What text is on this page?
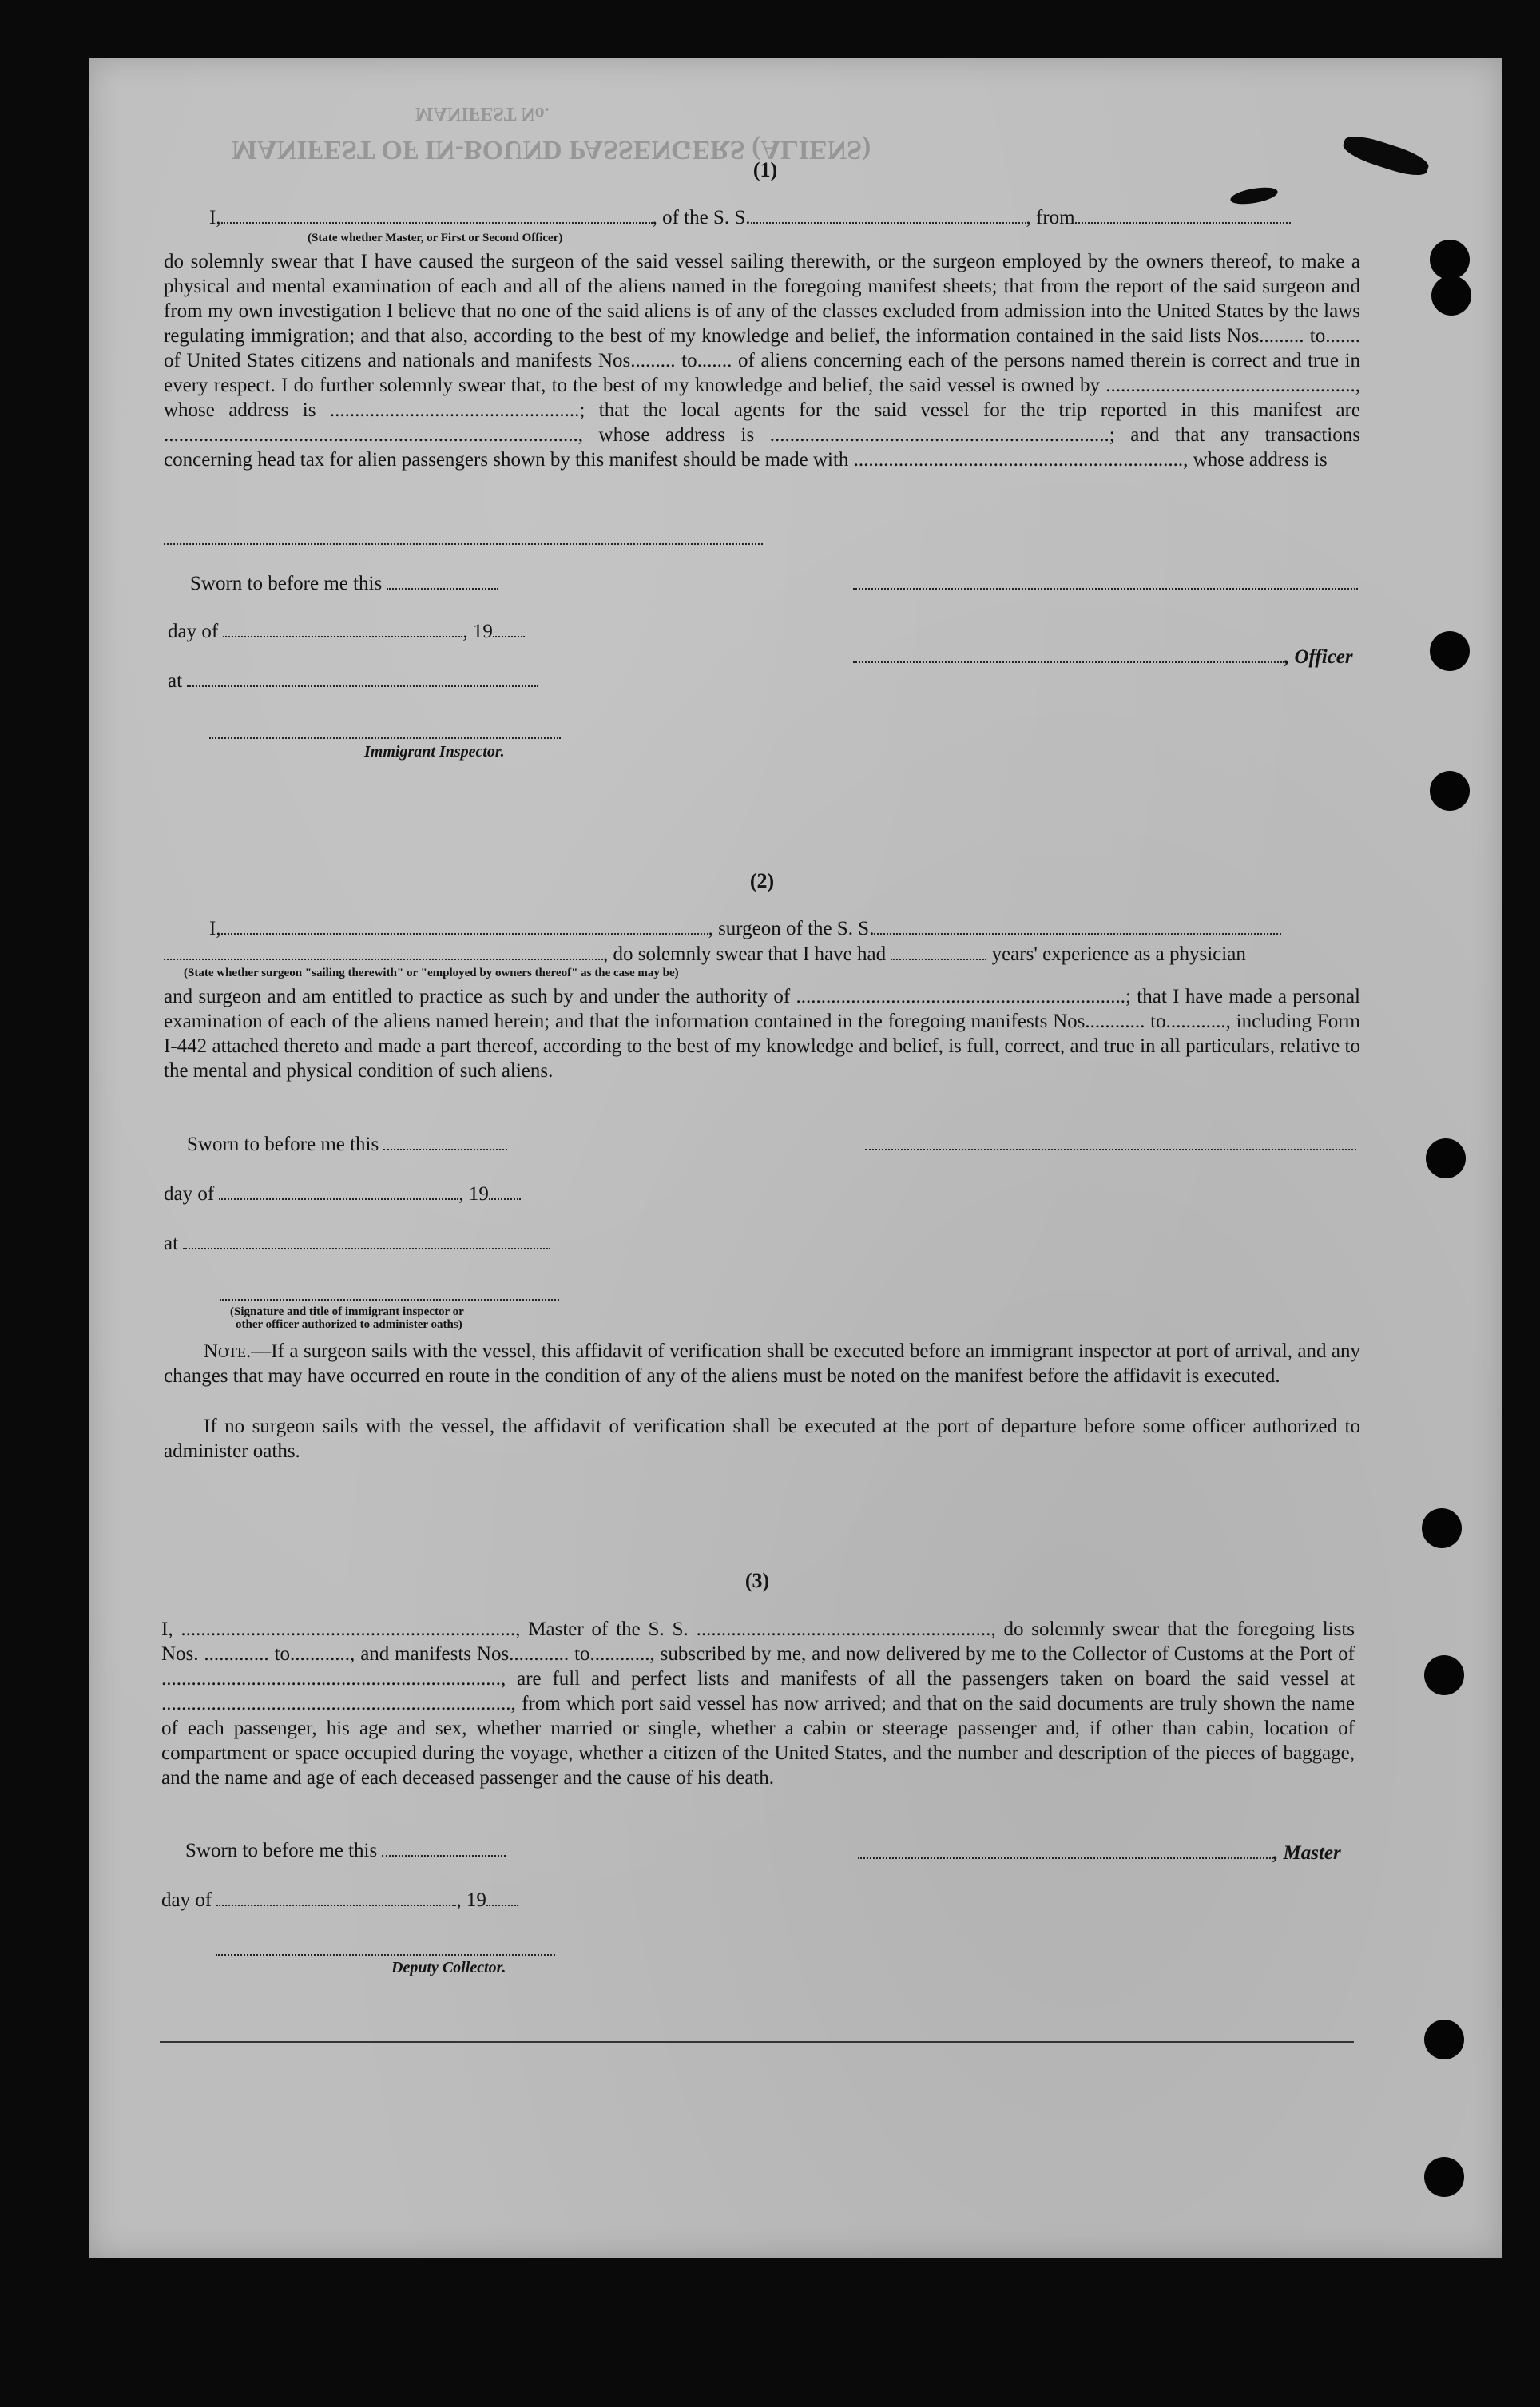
MANIFEST OF IN-BOUND PASSENGERS (ALIENS)
MANIFEST No.
(1)
I,	, of the S. S.	, from
(State whether Master, or First or Second Officer)
do solemnly swear that I have caused the surgeon of the said vessel sailing therewith, or the surgeon employed by the owners thereof, to make a physical and mental examination of each and all of the aliens named in the foregoing manifest sheets; that from the report of the said surgeon and from my own investigation I believe that no one of the said aliens is of any of the classes excluded from admission into the United States by the laws regulating immigration; and that also, according to the best of my knowledge and belief, the information contained in the said lists Nos......... to....... of United States citizens and nationals and manifests Nos......... to....... of aliens concerning each of the persons named therein is correct and true in every respect. I do further solemnly swear that, to the best of my knowledge and belief, the said vessel is owned by .................................................., whose address is ..................................................; that the local agents for the said vessel for the trip reported in this manifest are ..................................................................................., whose address is ....................................................................; and that any transactions concerning head tax for alien passengers shown by this manifest should be made with .................................................................., whose address is
Sworn to before me this
day of	, 19
at
Immigrant Inspector.
, Officer
(2)
I,	, surgeon of the S. S.
, do solemnly swear that I have had	years' experience as a physician
(State whether surgeon "sailing therewith" or "employed by owners thereof" as the case may be)
and surgeon and am entitled to practice as such by and under the authority of ..................................................................; that I have made a personal examination of each of the aliens named herein; and that the information contained in the foregoing manifests Nos............ to............, including Form I-442 attached thereto and made a part thereof, according to the best of my knowledge and belief, is full, correct, and true in all particulars, relative to the mental and physical condition of such aliens.
Sworn to before me this
day of	, 19
at
(Signature and title of immigrant inspector or
other officer authorized to administer oaths)
Note.—If a surgeon sails with the vessel, this affidavit of verification shall be executed before an immigrant inspector at port of arrival, and any changes that may have occurred en route in the condition of any of the aliens must be noted on the manifest before the affidavit is executed.
If no surgeon sails with the vessel, the affidavit of verification shall be executed at the port of departure before some officer authorized to administer oaths.
(3)
I, ..................................................................., Master of the S. S. ..........................................................., do solemnly swear that the foregoing lists Nos. ............. to............, and manifests Nos............ to............, subscribed by me, and now delivered by me to the Collector of Customs at the Port of ...................................................................., are full and perfect lists and manifests of all the passengers taken on board the said vessel at ......................................................................, from which port said vessel has now arrived; and that on the said documents are truly shown the name of each passenger, his age and sex, whether married or single, whether a cabin or steerage passenger and, if other than cabin, location of compartment or space occupied during the voyage, whether a citizen of the United States, and the number and description of the pieces of baggage, and the name and age of each deceased passenger and the cause of his death.
Sworn to before me this	, Master
day of	, 19
Deputy Collector.
